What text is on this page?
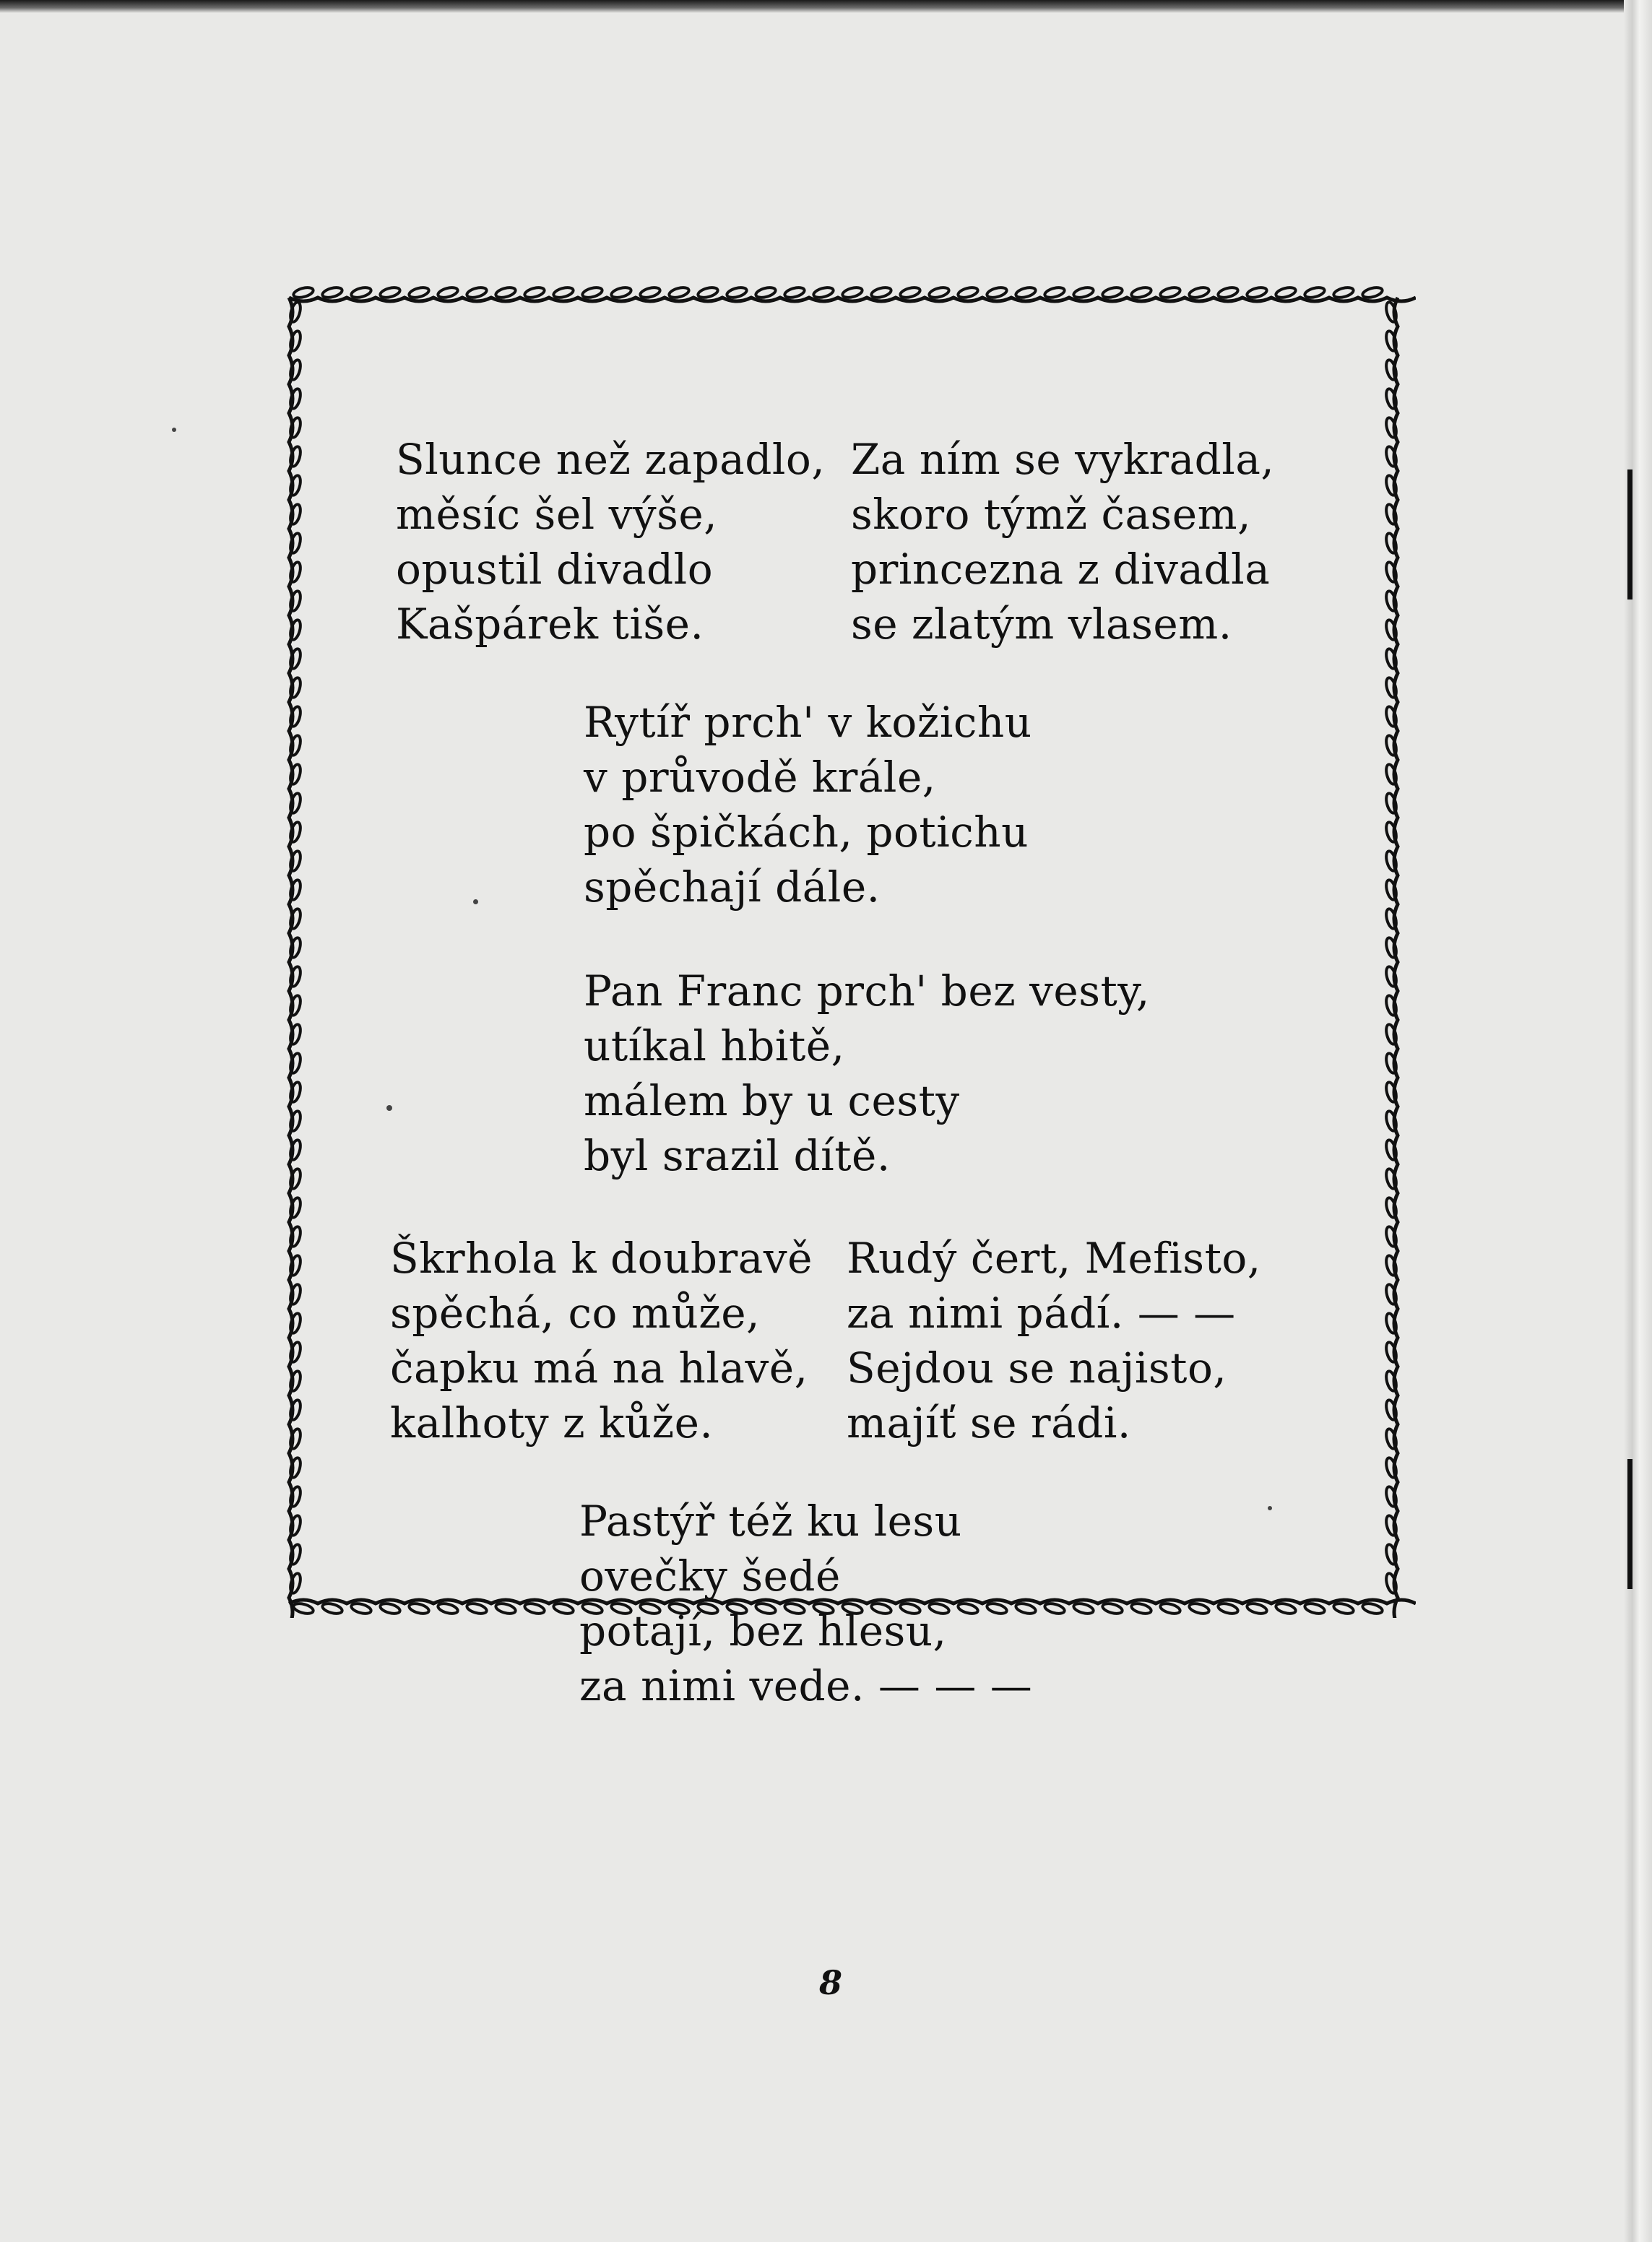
Slunce než zapadlo,
měsíc šel výše,
opustil divadlo
Kašpárek tiše.
Za ním se vykradla,
skoro týmž časem,
princezna z divadla
se zlatým vlasem.
Rytíř prch' v kožichu
v průvodě krále,
po špičkách, potichu
spěchají dále.
Pan Franc prch' bez vesty,
utíkal hbitě,
málem by u cesty
byl srazil dítě.
Škrhola k doubravě
spěchá, co může,
čapku má na hlavě,
kalhoty z kůže.
Rudý čert, Mefisto,
za nimi pádí. — —
Sejdou se najisto,
majíť se rádi.
Pastýř též ku lesu
ovečky šedé
potají, bez hlesu,
za nimi vede. — — —
8
